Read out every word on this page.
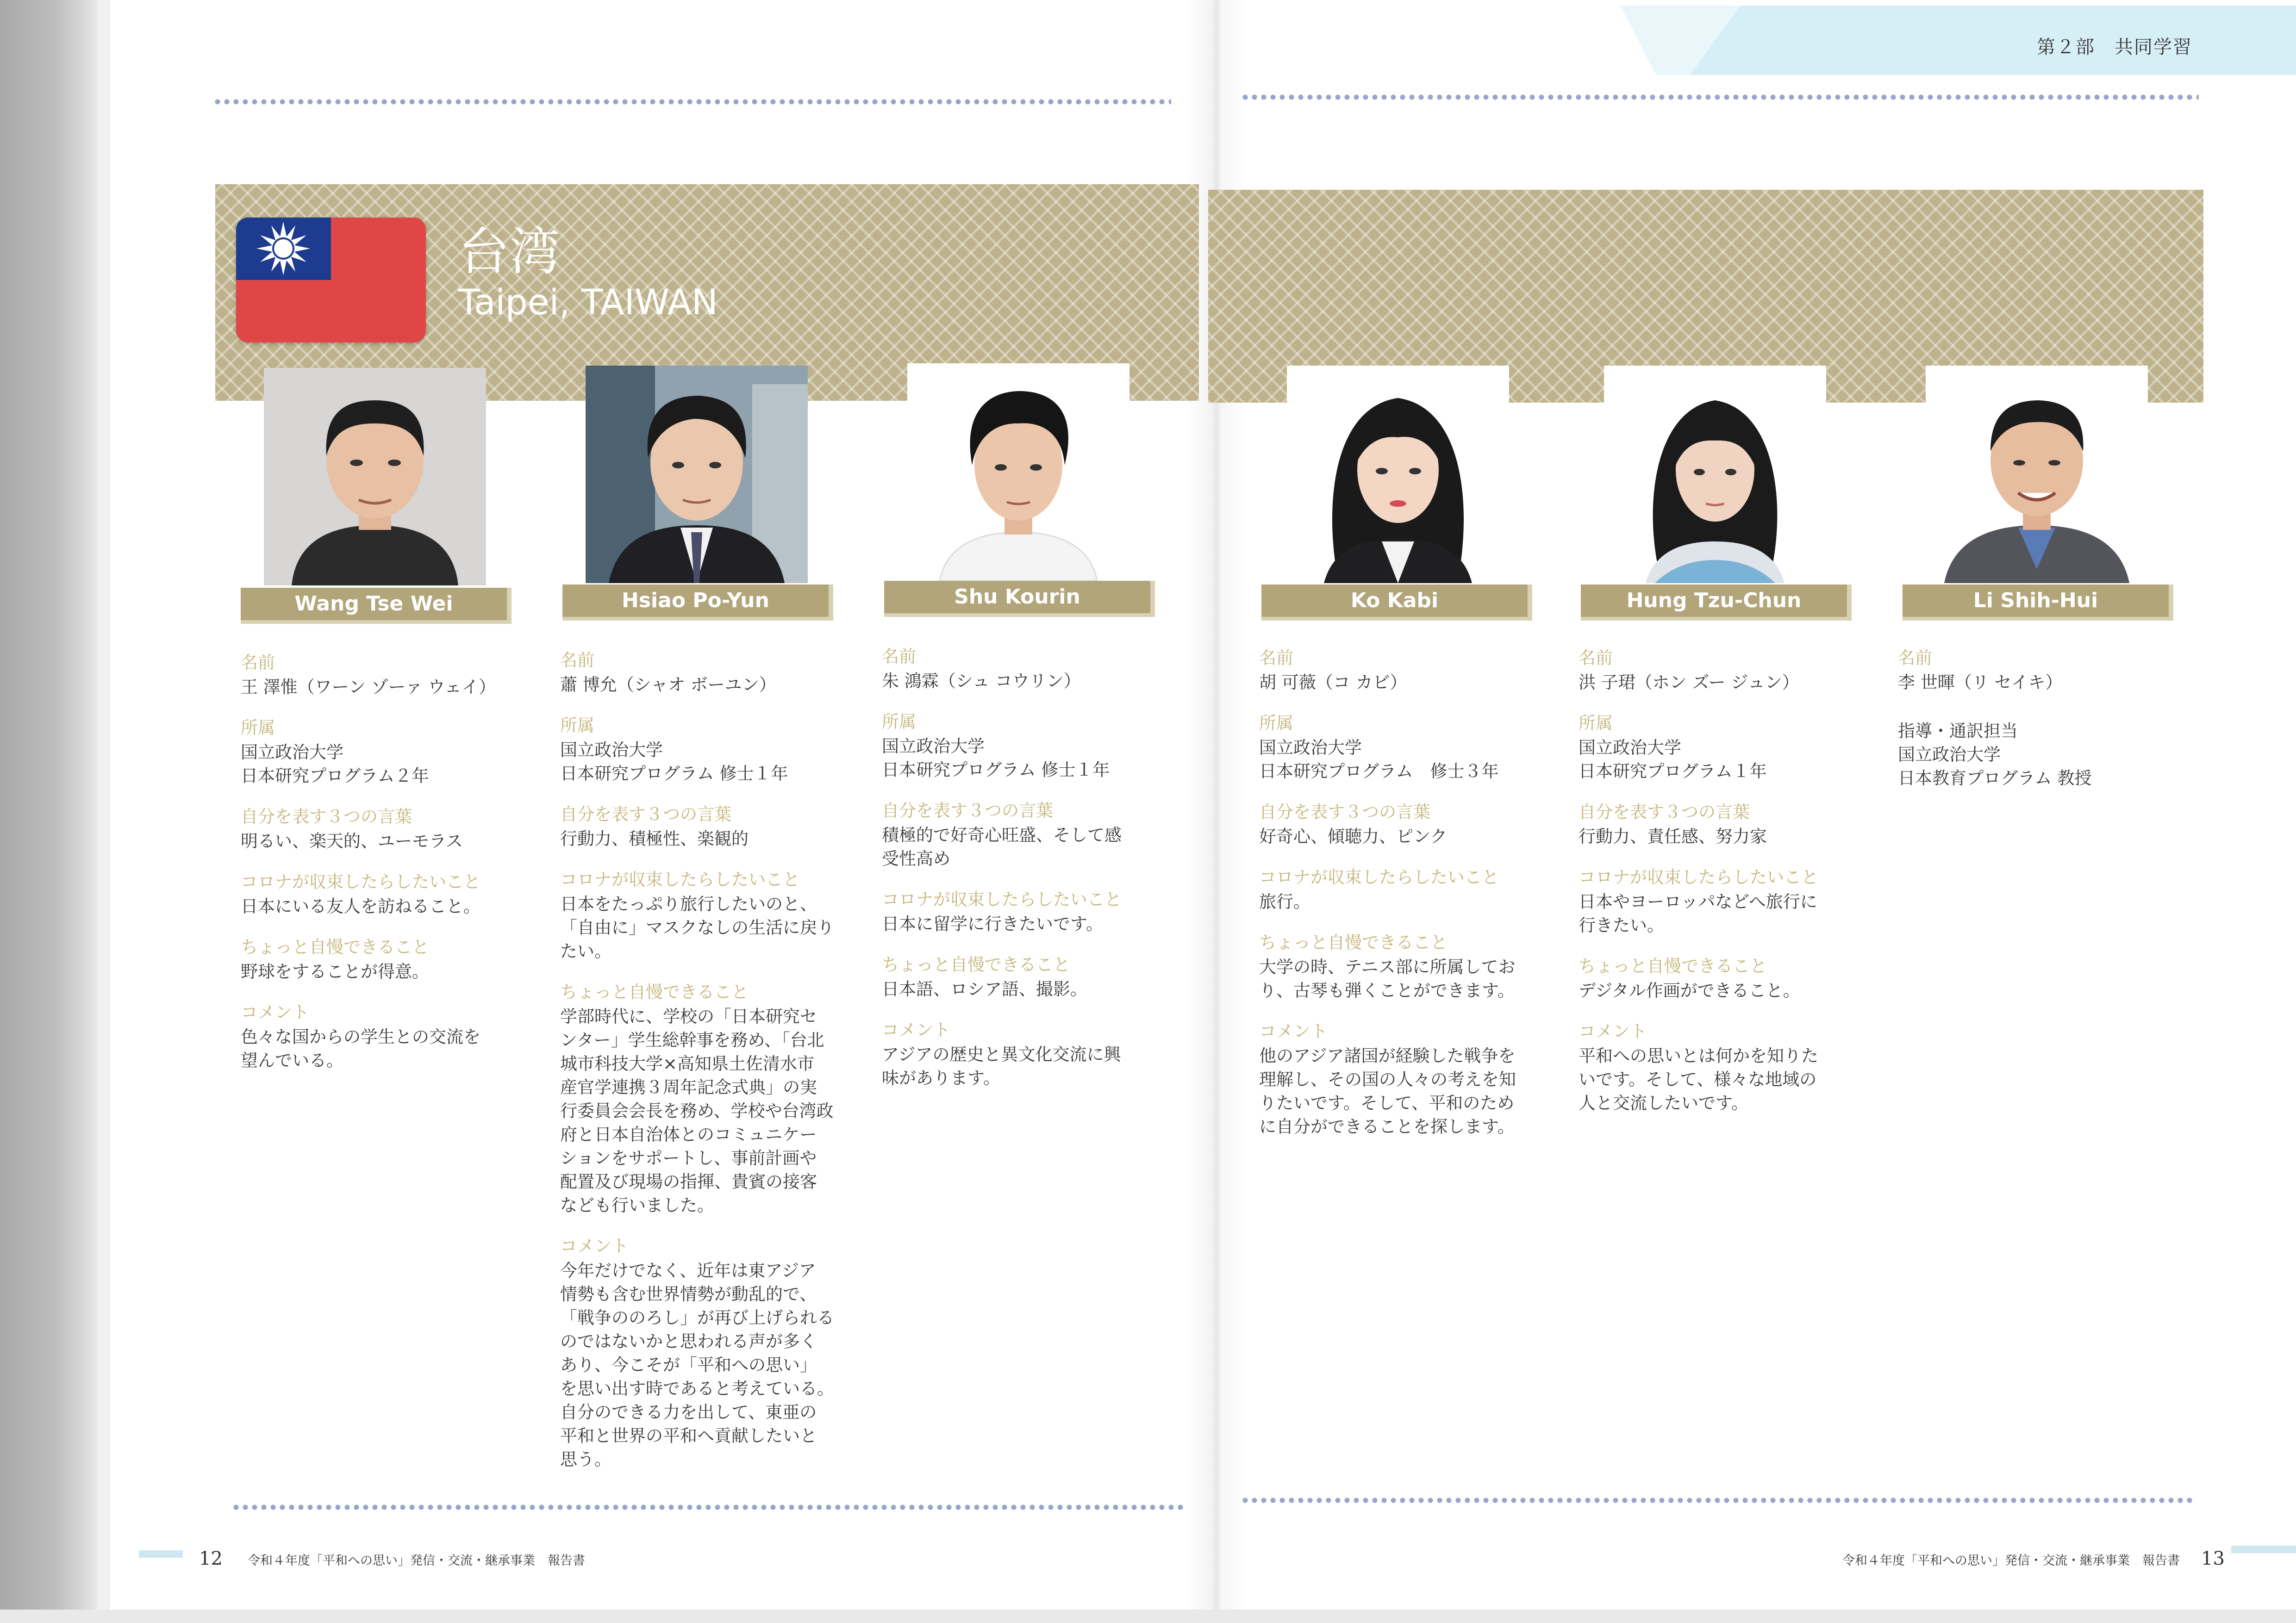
第２部　共同学習
台湾
Taipei, TAIWAN
Wang Tse Wei	Hsiao Po-Yun	Shu Kourin	Ko Kabi	Hung Tzu-Chun	Li Shih-Hui
名前
王 澤惟（ワーン ゾーァ ウェイ）
所属
国立政治大学
日本研究プログラム２年
自分を表す３つの言葉
明るい、楽天的、ユーモラス
コロナが収束したらしたいこと
日本にいる友人を訪ねること。
ちょっと自慢できること
野球をすることが得意。
コメント
色々な国からの学生との交流を
望んでいる。
名前
蕭 博允（シャオ ボーユン）
所属
国立政治大学
日本研究プログラム 修士１年
自分を表す３つの言葉
行動力、積極性、楽観的
コロナが収束したらしたいこと
日本をたっぷり旅行したいのと、
「自由に」マスクなしの生活に戻り
たい。
ちょっと自慢できること
学部時代に、学校の「日本研究セ
ンター」学生総幹事を務め、「台北
城市科技大学×高知県土佐清水市
産官学連携３周年記念式典」の実
行委員会会長を務め、学校や台湾政
府と日本自治体とのコミュニケー
ションをサポートし、事前計画や
配置及び現場の指揮、貴賓の接客
なども行いました。
コメント
今年だけでなく、近年は東アジア
情勢も含む世界情勢が動乱的で、
「戦争ののろし」が再び上げられる
のではないかと思われる声が多く
あり、今こそが「平和への思い」
を思い出す時であると考えている。
自分のできる力を出して、東亜の
平和と世界の平和へ貢献したいと
思う。
名前
朱 鴻霖（シュ コウリン）
所属
国立政治大学
日本研究プログラム 修士１年
自分を表す３つの言葉
積極的で好奇心旺盛、そして感
受性高め
コロナが収束したらしたいこと
日本に留学に行きたいです。
ちょっと自慢できること
日本語、ロシア語、撮影。
コメント
アジアの歴史と異文化交流に興
味があります。
名前
胡 可薇（コ カビ）
所属
国立政治大学
日本研究プログラム　修士３年
自分を表す３つの言葉
好奇心、傾聴力、ピンク
コロナが収束したらしたいこと
旅行。
ちょっと自慢できること
大学の時、テニス部に所属してお
り、古琴も弾くことができます。
コメント
他のアジア諸国が経験した戦争を
理解し、その国の人々の考えを知
りたいです。そして、平和のため
に自分ができることを探します。
名前
洪 子珺（ホン ズー ジュン）
所属
国立政治大学
日本研究プログラム１年
自分を表す３つの言葉
行動力、責任感、努力家
コロナが収束したらしたいこと
日本やヨーロッパなどへ旅行に
行きたい。
ちょっと自慢できること
デジタル作画ができること。
コメント
平和への思いとは何かを知りた
いです。そして、様々な地域の
人と交流したいです。
名前
李 世暉（リ セイキ）
指導・通訳担当
国立政治大学
日本教育プログラム 教授
12 令和４年度「平和への思い」発信・交流・継承事業　報告書	令和４年度「平和への思い」発信・交流・継承事業　報告書 13
